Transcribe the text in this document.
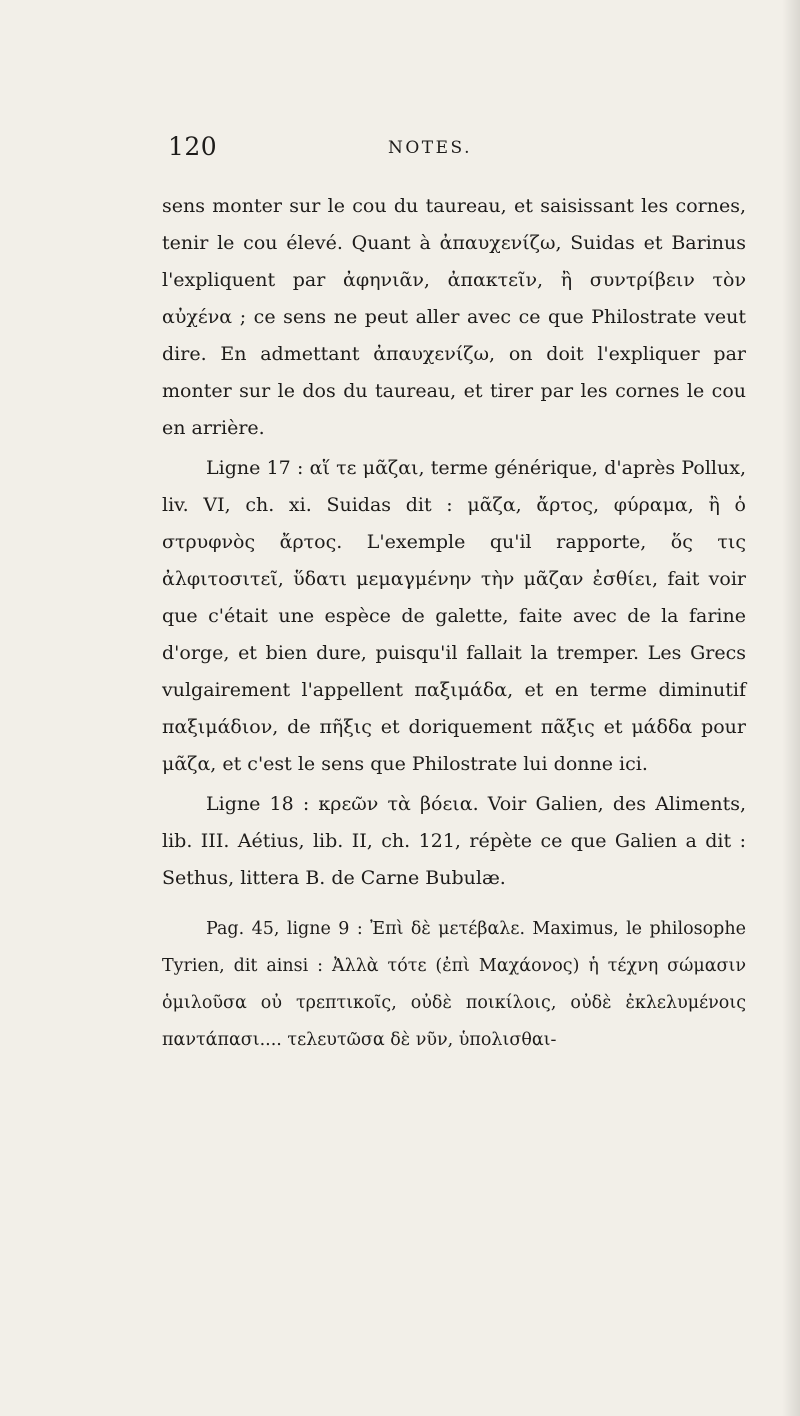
120	NOTES.

sens monter sur le cou du taureau, et saisissant les cornes, tenir le cou élevé. Quant à ἀπαυχενίζω, Suidas et Barinus l'expliquent par ἀφηνιᾶν, ἀπακτεῖν, ἢ συντρίβειν τὸν αὐχένα ; ce sens ne peut aller avec ce que Philostrate veut dire. En admettant ἀπαυχενίζω, on doit l'expliquer par monter sur le dos du taureau, et tirer par les cornes le cou en arrière.

Ligne 17 : αἵ τε μᾶζαι, terme générique, d'après Pollux, liv. VI, ch. xi. Suidas dit : μᾶζα, ἄρτος, φύραμα, ἢ ὁ στρυφνὸς ἄρτος. L'exemple qu'il rapporte, ὅς τις ἀλφιτοσιτεῖ, ὕδατι μεμαγμένην τὴν μᾶζαν ἐσθίει, fait voir que c'était une espèce de galette, faite avec de la farine d'orge, et bien dure, puisqu'il fallait la tremper. Les Grecs vulgairement l'appellent παξιμάδα, et en terme diminutif παξιμάδιον, de πῆξις et doriquement πᾶξις et μάδδα pour μᾶζα, et c'est le sens que Philostrate lui donne ici.

Ligne 18 : κρεῶν τὰ βόεια. Voir Galien, des Aliments, lib. III. Aétius, lib. II, ch. 121, répète ce que Galien a dit : Sethus, littera B. de Carne Bubulæ.

Pag. 45, ligne 9 : Ἐπὶ δὲ μετέβαλε. Maximus, le philosophe Tyrien, dit ainsi : Ἀλλὰ τότε (ἐπὶ Μαχάονος) ἡ τέχνη σώμασιν ὁμιλοῦσα οὐ τρεπτικοῖς, οὐδὲ ποικίλοις, οὐδὲ ἐκλελυμένοις παντάπασι.... τελευτῶσα δὲ νῦν, ὑπολισθαι-
